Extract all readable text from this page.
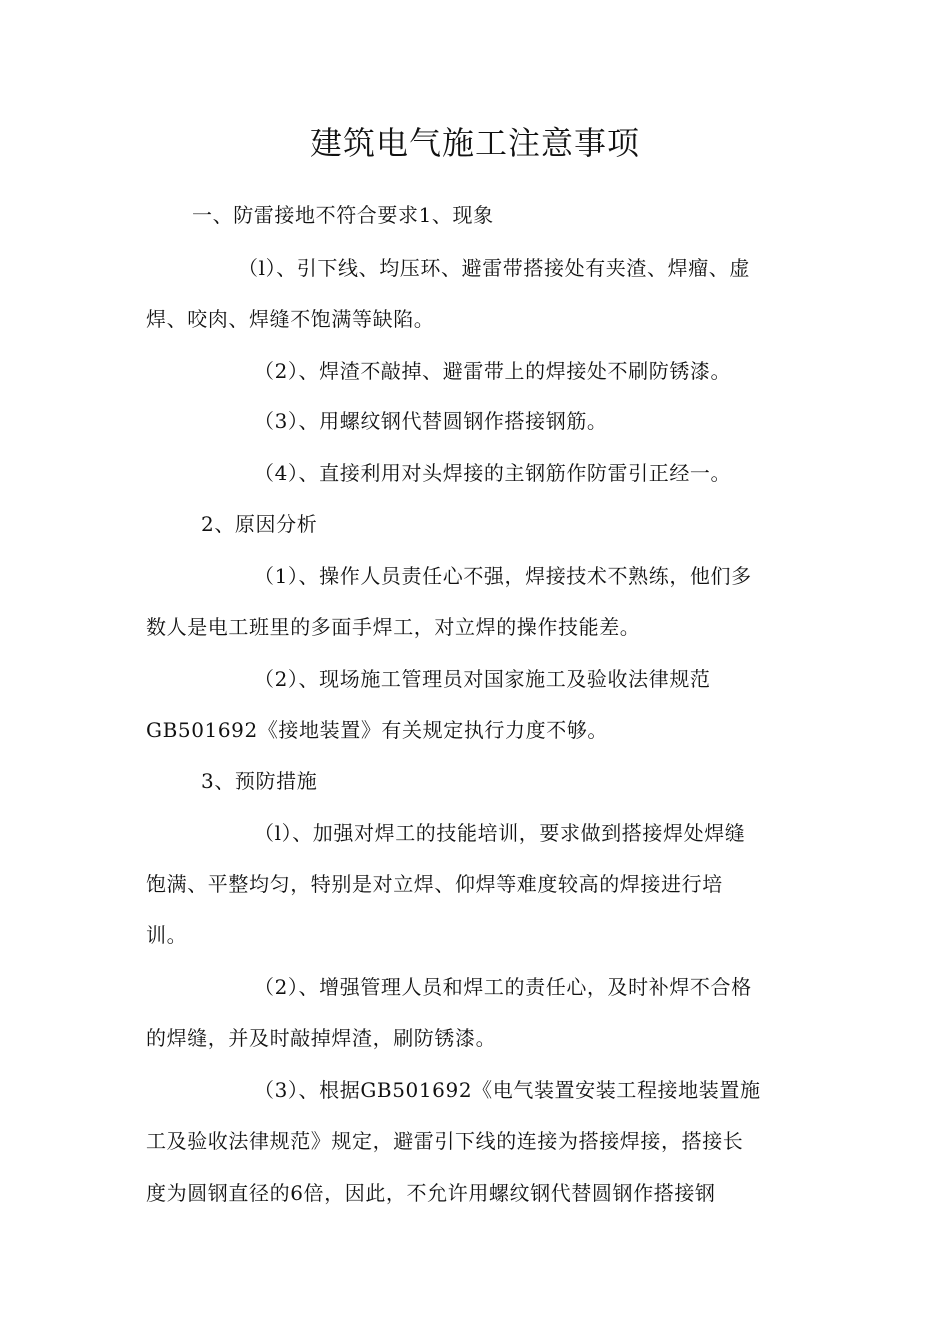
建筑电气施工注意事项
一、防雷接地不符合要求1、现象
（l）、引下线、均压环、避雷带搭接处有夹渣、焊瘤、虚
焊、咬肉、焊缝不饱满等缺陷。
（2）、焊渣不敲掉、避雷带上的焊接处不刷防锈漆。
（3）、用螺纹钢代替圆钢作搭接钢筋。
（4）、直接利用对头焊接的主钢筋作防雷引正经一。
2、原因分析
（1）、操作人员责任心不强，焊接技术不熟练，他们多
数人是电工班里的多面手焊工，对立焊的操作技能差。
（2）、现场施工管理员对国家施工及验收法律规范
GB501692《接地装置》有关规定执行力度不够。
3、预防措施
（l）、加强对焊工的技能培训，要求做到搭接焊处焊缝
饱满、平整均匀，特别是对立焊、仰焊等难度较高的焊接进行培
训。
（2）、增强管理人员和焊工的责任心，及时补焊不合格
的焊缝，并及时敲掉焊渣，刷防锈漆。
（3）、根据GB501692《电气装置安装工程接地装置施
工及验收法律规范》规定，避雷引下线的连接为搭接焊接，搭接长
度为圆钢直径的6倍，因此，不允许用螺纹钢代替圆钢作搭接钢
